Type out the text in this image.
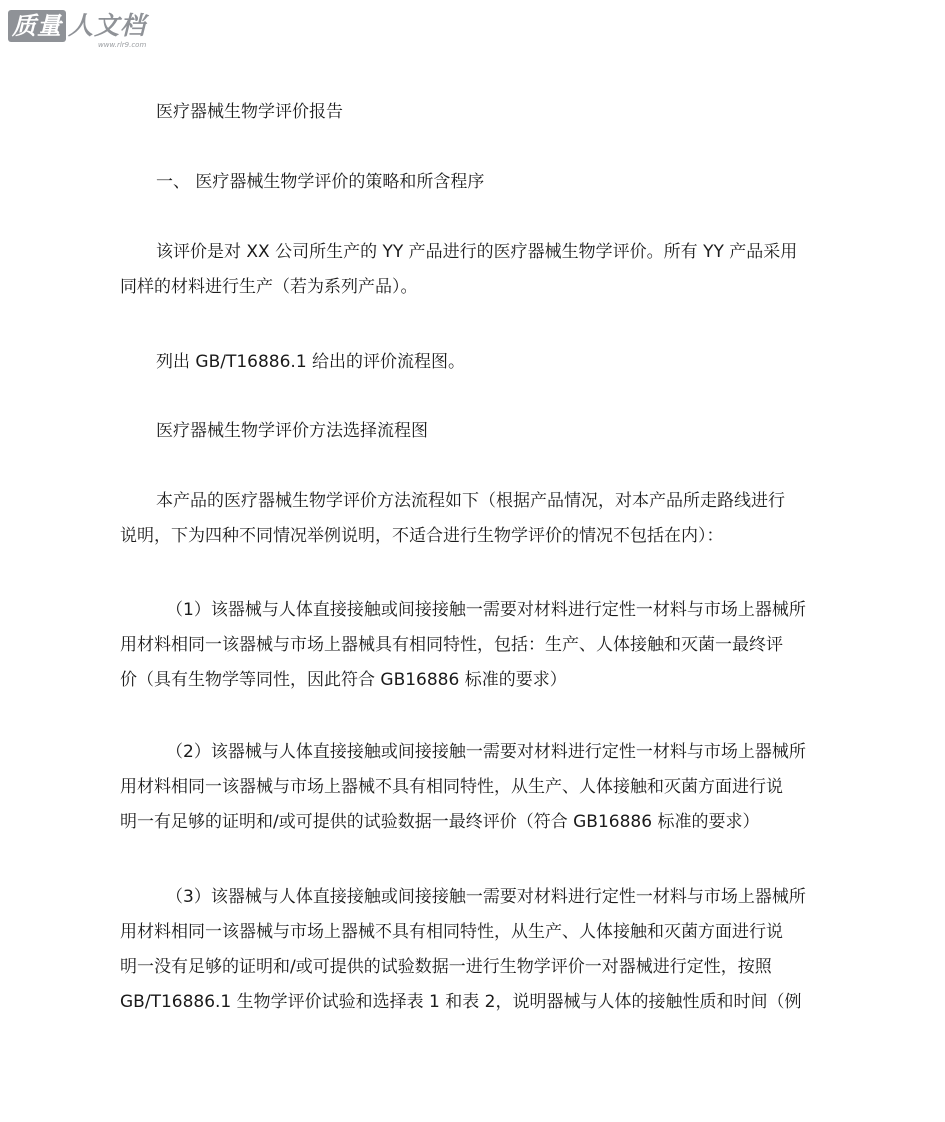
质量 人文档
www.rlr9.com

医疗器械生物学评价报告

一、 医疗器械生物学评价的策略和所含程序

该评价是对 XX 公司所生产的 YY 产品进行的医疗器械生物学评价。所有 YY 产品采用
同样的材料进行生产（若为系列产品）。

列出 GB/T16886.1 给出的评价流程图。

医疗器械生物学评价方法选择流程图

本产品的医疗器械生物学评价方法流程如下（根据产品情况，对本产品所走路线进行
说明，下为四种不同情况举例说明，不适合进行生物学评价的情况不包括在内）：
（1）该器械与人体直接接触或间接接触一需要对材料进行定性一材料与市场上器械所
用材料相同一该器械与市场上器械具有相同特性，包括：生产、人体接触和灭菌一最终评
价（具有生物学等同性，因此符合 GB16886 标准的要求）
（2）该器械与人体直接接触或间接接触一需要对材料进行定性一材料与市场上器械所
用材料相同一该器械与市场上器械不具有相同特性，从生产、人体接触和灭菌方面进行说
明一有足够的证明和/或可提供的试验数据一最终评价（符合 GB16886 标准的要求）
（3）该器械与人体直接接触或间接接触一需要对材料进行定性一材料与市场上器械所
用材料相同一该器械与市场上器械不具有相同特性，从生产、人体接触和灭菌方面进行说
明一没有足够的证明和/或可提供的试验数据一进行生物学评价一对器械进行定性，按照
GB/T16886.1 生物学评价试验和选择表 1 和表 2，说明器械与人体的接触性质和时间（例
